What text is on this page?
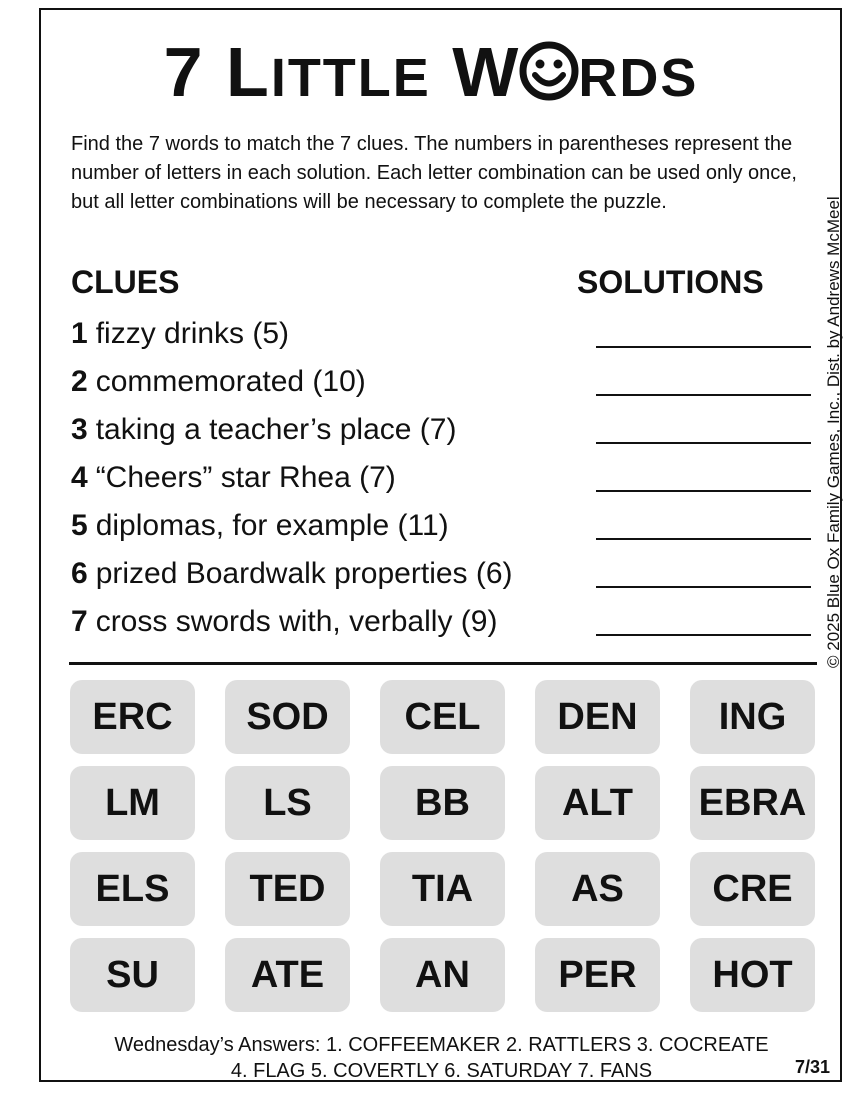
7 LITTLE W RDS
Find the 7 words to match the 7 clues. The numbers in parentheses represent the number of letters in each solution. Each letter combination can be used only once, but all letter combinations will be necessary to complete the puzzle.	© 2025 Blue Ox Family Games, Inc., Dist. by Andrews McMeel
CLUES	SOLUTIONS
1 fizzy drinks (5)
2 commemorated (10)
3 taking a teacher’s place (7)
4 “Cheers” star Rhea (7)
5 diplomas, for example (11)
6 prized Boardwalk properties (6)
7 cross swords with, verbally (9)
ERC	SOD	CEL	DEN	ING
LM	LS	BB	ALT	EBRA
ELS	TED	TIA	AS	CRE
SU	ATE	AN	PER	HOT
Wednesday’s Answers: 1. COFFEEMAKER 2. RATTLERS 3. COCREATE
4. FLAG 5. COVERTLY 6. SATURDAY 7. FANS	7/31
